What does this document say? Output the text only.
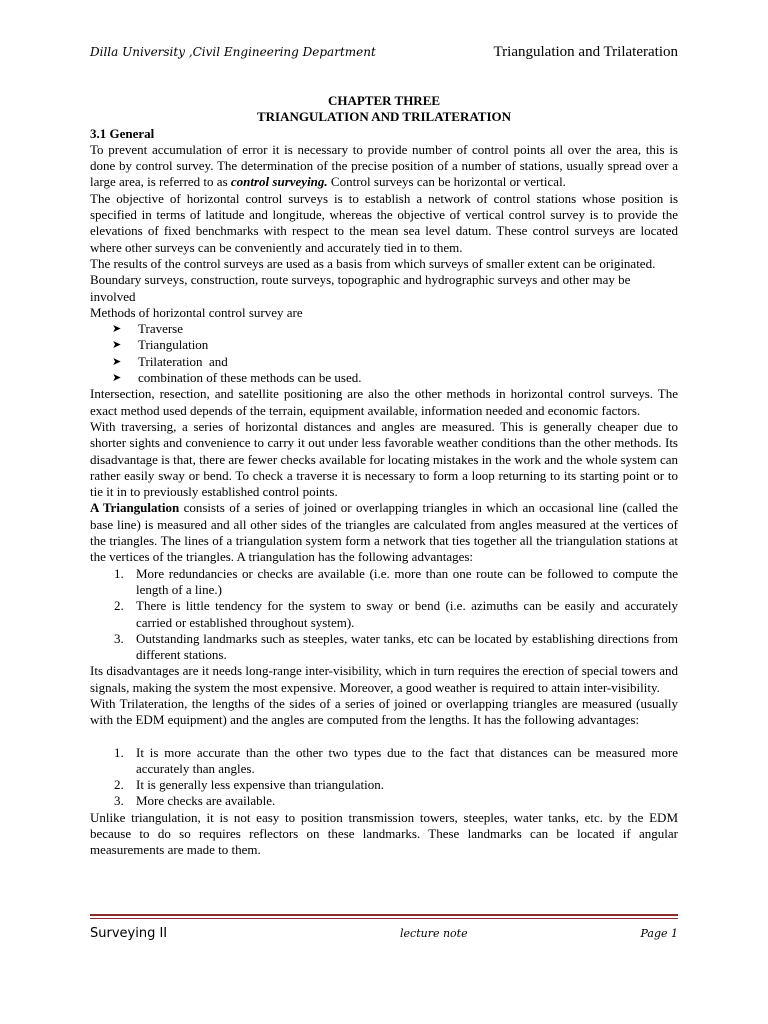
Dilla University ,Civil Engineering Department	Triangulation and Trilateration

CHAPTER THREE

TRIANGULATION AND TRILATERATION

3.1 General

To prevent accumulation of error it is necessary to provide number of control points all over the area, this is done by control survey. The determination of the precise position of a number of stations, usually spread over a large area, is referred to as control surveying. Control surveys can be horizontal or vertical.

The objective of horizontal control surveys is to establish a network of control stations whose position is specified in terms of latitude and longitude, whereas the objective of vertical control survey is to provide the elevations of fixed benchmarks with respect to the mean sea level datum. These control surveys are located where other surveys can be conveniently and accurately tied in to them.

The results of the control surveys are used as a basis from which surveys of smaller extent can be originated. Boundary surveys, construction, route surveys, topographic and hydrographic surveys and other may be involved

Methods of horizontal control survey are

➤ Traverse
➤ Triangulation
➤ Trilateration  and
➤ combination of these methods can be used.

Intersection, resection, and satellite positioning are also the other methods in horizontal control surveys. The exact method used depends of the terrain, equipment available, information needed and economic factors.

With traversing, a series of horizontal distances and angles are measured. This is generally cheaper due to shorter sights and convenience to carry it out under less favorable weather conditions than the other methods. Its disadvantage is that, there are fewer checks available for locating mistakes in the work and the whole system can rather easily sway or bend. To check a traverse it is necessary to form a loop returning to its starting point or to tie it in to previously established control points.

A Triangulation consists of a series of joined or overlapping triangles in which an occasional line (called the base line) is measured and all other sides of the triangles are calculated from angles measured at the vertices of the triangles. The lines of a triangulation system form a network that ties together all the triangulation stations at the vertices of the triangles. A triangulation has the following advantages:

1. More redundancies or checks are available (i.e. more than one route can be followed to compute the length of a line.)
2. There is little tendency for the system to sway or bend (i.e. azimuths can be easily and accurately carried or established throughout system).
3. Outstanding landmarks such as steeples, water tanks, etc can be located by establishing directions from different stations.

Its disadvantages are it needs long-range inter-visibility, which in turn requires the erection of special towers and signals, making the system the most expensive. Moreover, a good weather is required to attain inter-visibility.

With Trilateration, the lengths of the sides of a series of joined or overlapping triangles are measured (usually with the EDM equipment) and the angles are computed from the lengths. It has the following advantages:

1. It is more accurate than the other two types due to the fact that distances can be measured more accurately than angles.
2. It is generally less expensive than triangulation.
3. More checks are available.

Unlike triangulation, it is not easy to position transmission towers, steeples, water tanks, etc. by the EDM because to do so requires reflectors on these landmarks. These landmarks can be located if angular measurements are made to them.

Surveying II	lecture note	Page 1
